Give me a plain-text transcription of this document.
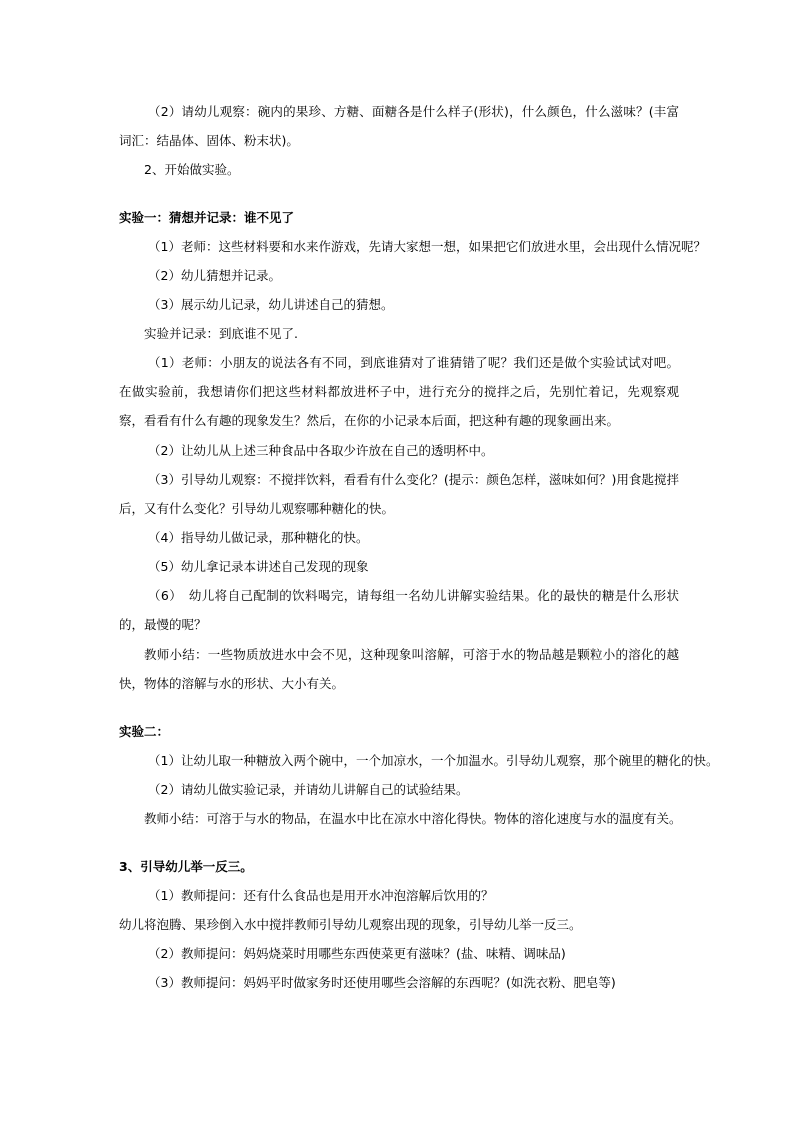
（2）请幼儿观察：碗内的果珍、方糖、面糖各是什么样子(形状)，什么颜色，什么滋味？(丰富词汇：结晶体、固体、粉末状)。
2、开始做实验。
实验一：猜想并记录：谁不见了
（1）老师：这些材料要和水来作游戏，先请大家想一想，如果把它们放进水里，会出现什么情况呢？
（2）幼儿猜想并记录。
（3）展示幼儿记录，幼儿讲述自己的猜想。
实验并记录：到底谁不见了.
（1）老师：小朋友的说法各有不同，到底谁猜对了谁猜错了呢？我们还是做个实验试试对吧。在做实验前，我想请你们把这些材料都放进杯子中，进行充分的搅拌之后，先别忙着记，先观察观察，看看有什么有趣的现象发生？然后，在你的小记录本后面，把这种有趣的现象画出来。
（2）让幼儿从上述三种食品中各取少许放在自己的透明杯中。
（3）引导幼儿观察：不搅拌饮料，看看有什么变化？(提示：颜色怎样，滋味如何？)用食匙搅拌后，又有什么变化？引导幼儿观察哪种糖化的快。
（4）指导幼儿做记录，那种糖化的快。
（5）幼儿拿记录本讲述自己发现的现象
（6）　幼儿将自己配制的饮料喝完，请每组一名幼儿讲解实验结果。化的最快的糖是什么形状的，最慢的呢？
教师小结：一些物质放进水中会不见，这种现象叫溶解，可溶于水的物品越是颗粒小的溶化的越快，物体的溶解与水的形状、大小有关。
实验二：
（1）让幼儿取一种糖放入两个碗中，一个加凉水，一个加温水。引导幼儿观察，那个碗里的糖化的快。
（2）请幼儿做实验记录，并请幼儿讲解自己的试验结果。
教师小结：可溶于与水的物品，在温水中比在凉水中溶化得快。物体的溶化速度与水的温度有关。
3、引导幼儿举一反三。
（1）教师提问：还有什么食品也是用开水冲泡溶解后饮用的？
幼儿将泡腾、果珍倒入水中搅拌教师引导幼儿观察出现的现象，引导幼儿举一反三。
（2）教师提问：妈妈烧菜时用哪些东西使菜更有滋味？(盐、味精、调味品)
（3）教师提问：妈妈平时做家务时还使用哪些会溶解的东西呢？(如洗衣粉、肥皂等)
